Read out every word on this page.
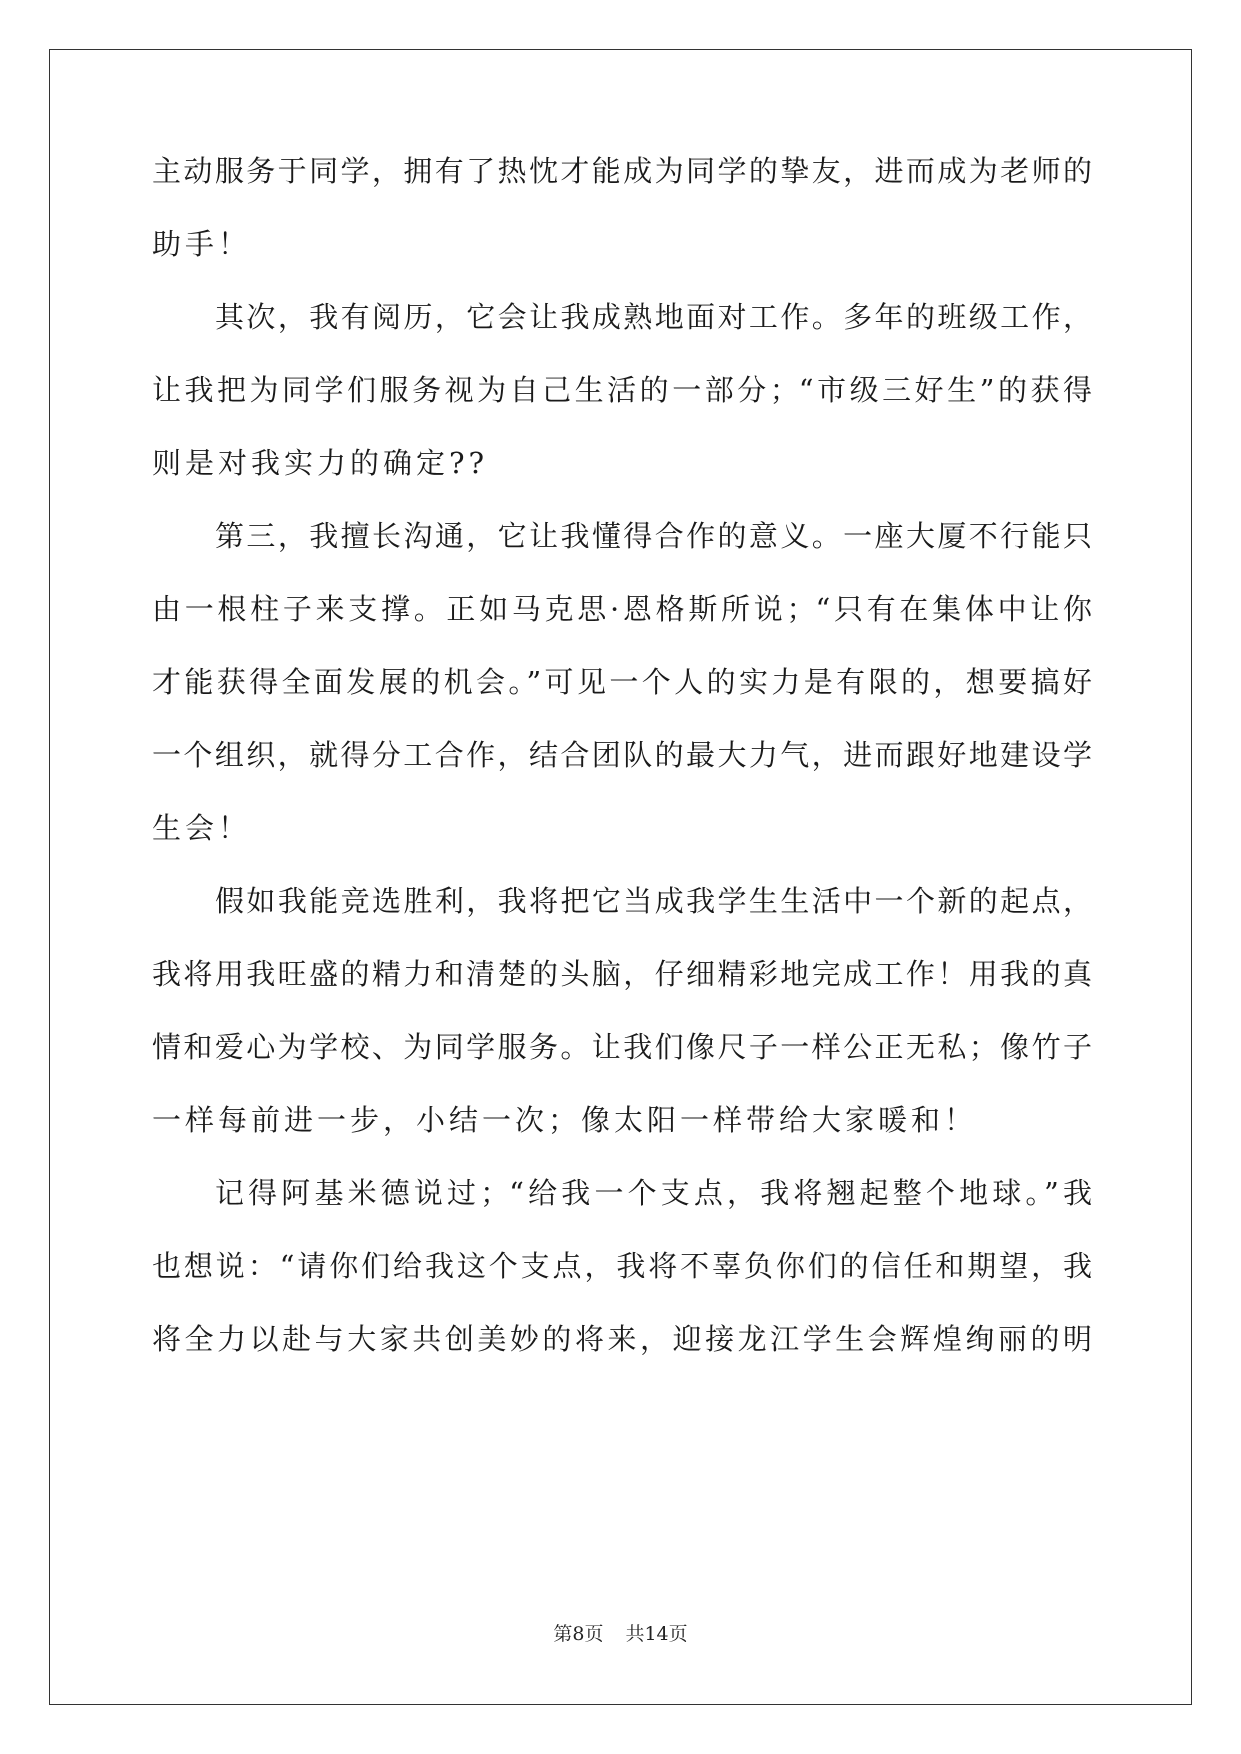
主动服务于同学，拥有了热忱才能成为同学的挚友，进而成为老师的
助手！
其次，我有阅历，它会让我成熟地面对工作。多年的班级工作，
让我把为同学们服务视为自己生活的一部分；“市级三好生”的获得
则是对我实力的确定??
第三，我擅长沟通，它让我懂得合作的意义。一座大厦不行能只
由一根柱子来支撑。正如马克思·恩格斯所说；“只有在集体中让你
才能获得全面发展的机会。”可见一个人的实力是有限的，想要搞好
一个组织，就得分工合作，结合团队的最大力气，进而跟好地建设学
生会！
假如我能竞选胜利，我将把它当成我学生生活中一个新的起点，
我将用我旺盛的精力和清楚的头脑，仔细精彩地完成工作！用我的真
情和爱心为学校、为同学服务。让我们像尺子一样公正无私；像竹子
一样每前进一步，小结一次；像太阳一样带给大家暖和！
记得阿基米德说过；“给我一个支点，我将翘起整个地球。”我
也想说：“请你们给我这个支点，我将不辜负你们的信任和期望，我
将全力以赴与大家共创美妙的将来，迎接龙江学生会辉煌绚丽的明
第8页 共14页
